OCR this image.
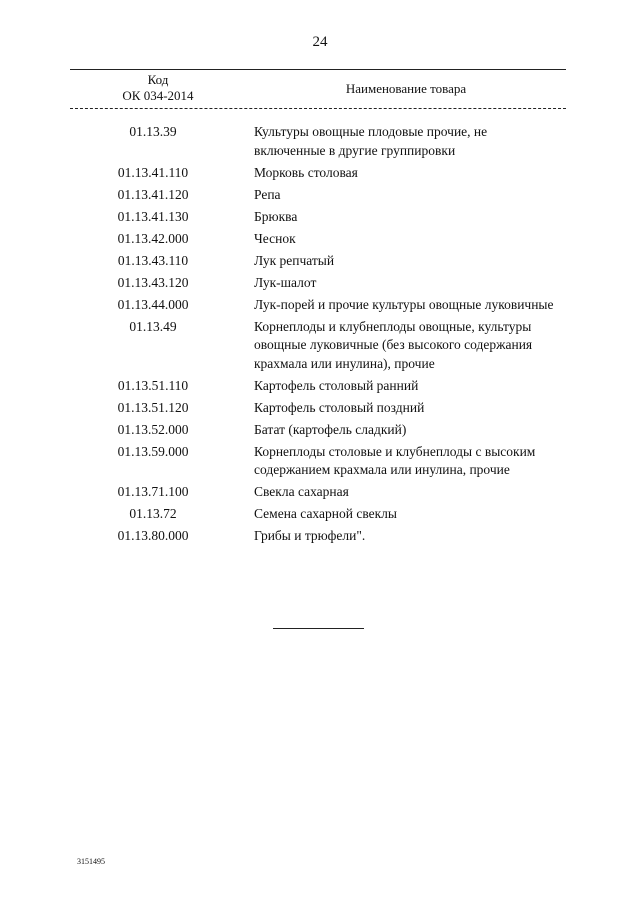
24
Код
ОК 034-2014	Наименование товара
01.13.39	Культуры овощные плодовые прочие, не включенные в другие группировки
01.13.41.110	Морковь столовая
01.13.41.120	Репа
01.13.41.130	Брюква
01.13.42.000	Чеснок
01.13.43.110	Лук репчатый
01.13.43.120	Лук-шалот
01.13.44.000	Лук-порей и прочие культуры овощные луковичные
01.13.49	Корнеплоды и клубнеплоды овощные, культуры овощные луковичные (без высокого содержания крахмала или инулина), прочие
01.13.51.110	Картофель столовый ранний
01.13.51.120	Картофель столовый поздний
01.13.52.000	Батат (картофель сладкий)
01.13.59.000	Корнеплоды столовые и клубнеплоды с высоким содержанием крахмала или инулина, прочие
01.13.71.100	Свекла сахарная
01.13.72	Семена сахарной свеклы
01.13.80.000	Грибы и трюфели".
3151495
